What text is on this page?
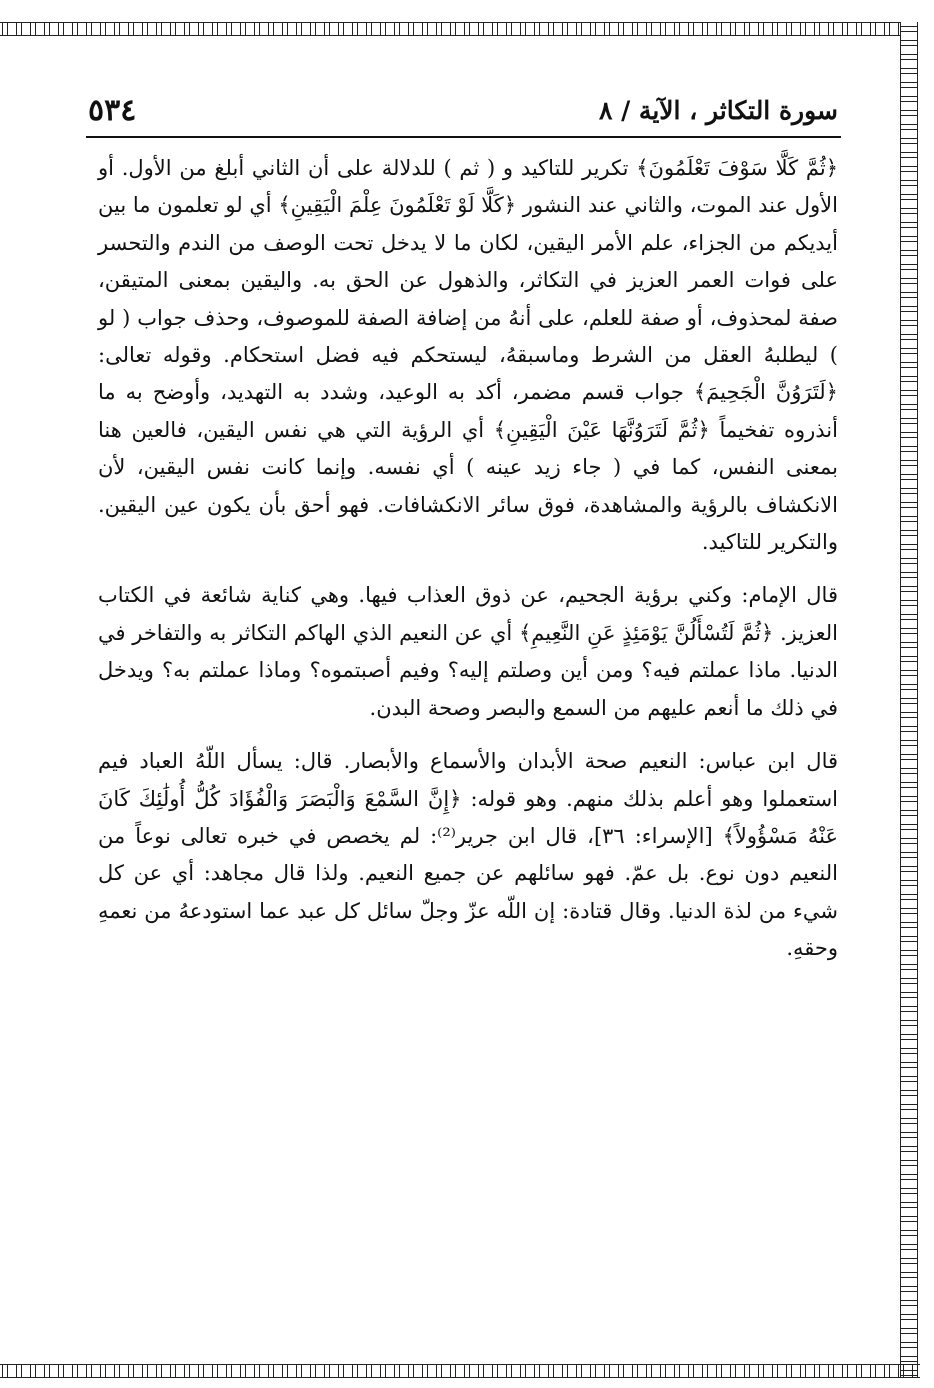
٥٣٤	سورة التكاثر ، الآية / ٨

﴿ثُمَّ كَلَّا سَوْفَ تَعْلَمُونَ﴾ تكرير للتاكيد و ( ثم ) للدلالة على أن الثاني أبلغ من الأول. أو الأول عند الموت، والثاني عند النشور ﴿كَلَّا لَوْ تَعْلَمُونَ عِلْمَ الْيَقِينِ﴾ أي لو تعلمون ما بين أيديكم من الجزاء، علم الأمر اليقين، لكان ما لا يدخل تحت الوصف من الندم والتحسر على فوات العمر العزيز في التكاثر، والذهول عن الحق به. واليقين بمعنى المتيقن، صفة لمحذوف، أو صفة للعلم، على أنهُ من إضافة الصفة للموصوف، وحذف جواب ( لو ) ليطلبهُ العقل من الشرط وماسبقهُ، ليستحكم فيه فضل استحكام. وقوله تعالى: ﴿لَتَرَوُنَّ الْجَحِيمَ﴾ جواب قسم مضمر، أكد به الوعيد، وشدد به التهديد، وأوضح به ما أنذروه تفخيماً ﴿ثُمَّ لَتَرَوُنَّهَا عَيْنَ الْيَقِينِ﴾ أي الرؤية التي هي نفس اليقين، فالعين هنا بمعنى النفس، كما في ( جاء زيد عينه ) أي نفسه. وإنما كانت نفس اليقين، لأن الانكشاف بالرؤية والمشاهدة، فوق سائر الانكشافات. فهو أحق بأن يكون عين اليقين. والتكرير للتاكيد.

قال الإمام: وكني برؤية الجحيم، عن ذوق العذاب فيها. وهي كناية شائعة في الكتاب العزيز. ﴿ثُمَّ لَتُسْأَلُنَّ يَوْمَئِذٍ عَنِ النَّعِيمِ﴾ أي عن النعيم الذي الهاكم التكاثر به والتفاخر في الدنيا. ماذا عملتم فيه؟ ومن أين وصلتم إليه؟ وفيم أصبتموه؟ وماذا عملتم به؟ ويدخل في ذلك ما أنعم عليهم من السمع والبصر وصحة البدن.

قال ابن عباس: النعيم صحة الأبدان والأسماع والأبصار. قال: يسأل اللّهُ العباد فيم استعملوا وهو أعلم بذلك منهم. وهو قوله: ﴿إِنَّ السَّمْعَ وَالْبَصَرَ وَالْفُؤَادَ كُلُّ أُولَٰئِكَ كَانَ عَنْهُ مَسْؤُولاً﴾ [الإسراء: ٣٦]، قال ابن جرير⁽²⁾: لم يخصص في خبره تعالى نوعاً من النعيم دون نوع. بل عمّ. فهو سائلهم عن جميع النعيم. ولذا قال مجاهد: أي عن كل شيء من لذة الدنيا. وقال قتادة: إن اللّه عزّ وجلّ سائل كل عبد عما استودعهُ من نعمهِ وحقهِ.
